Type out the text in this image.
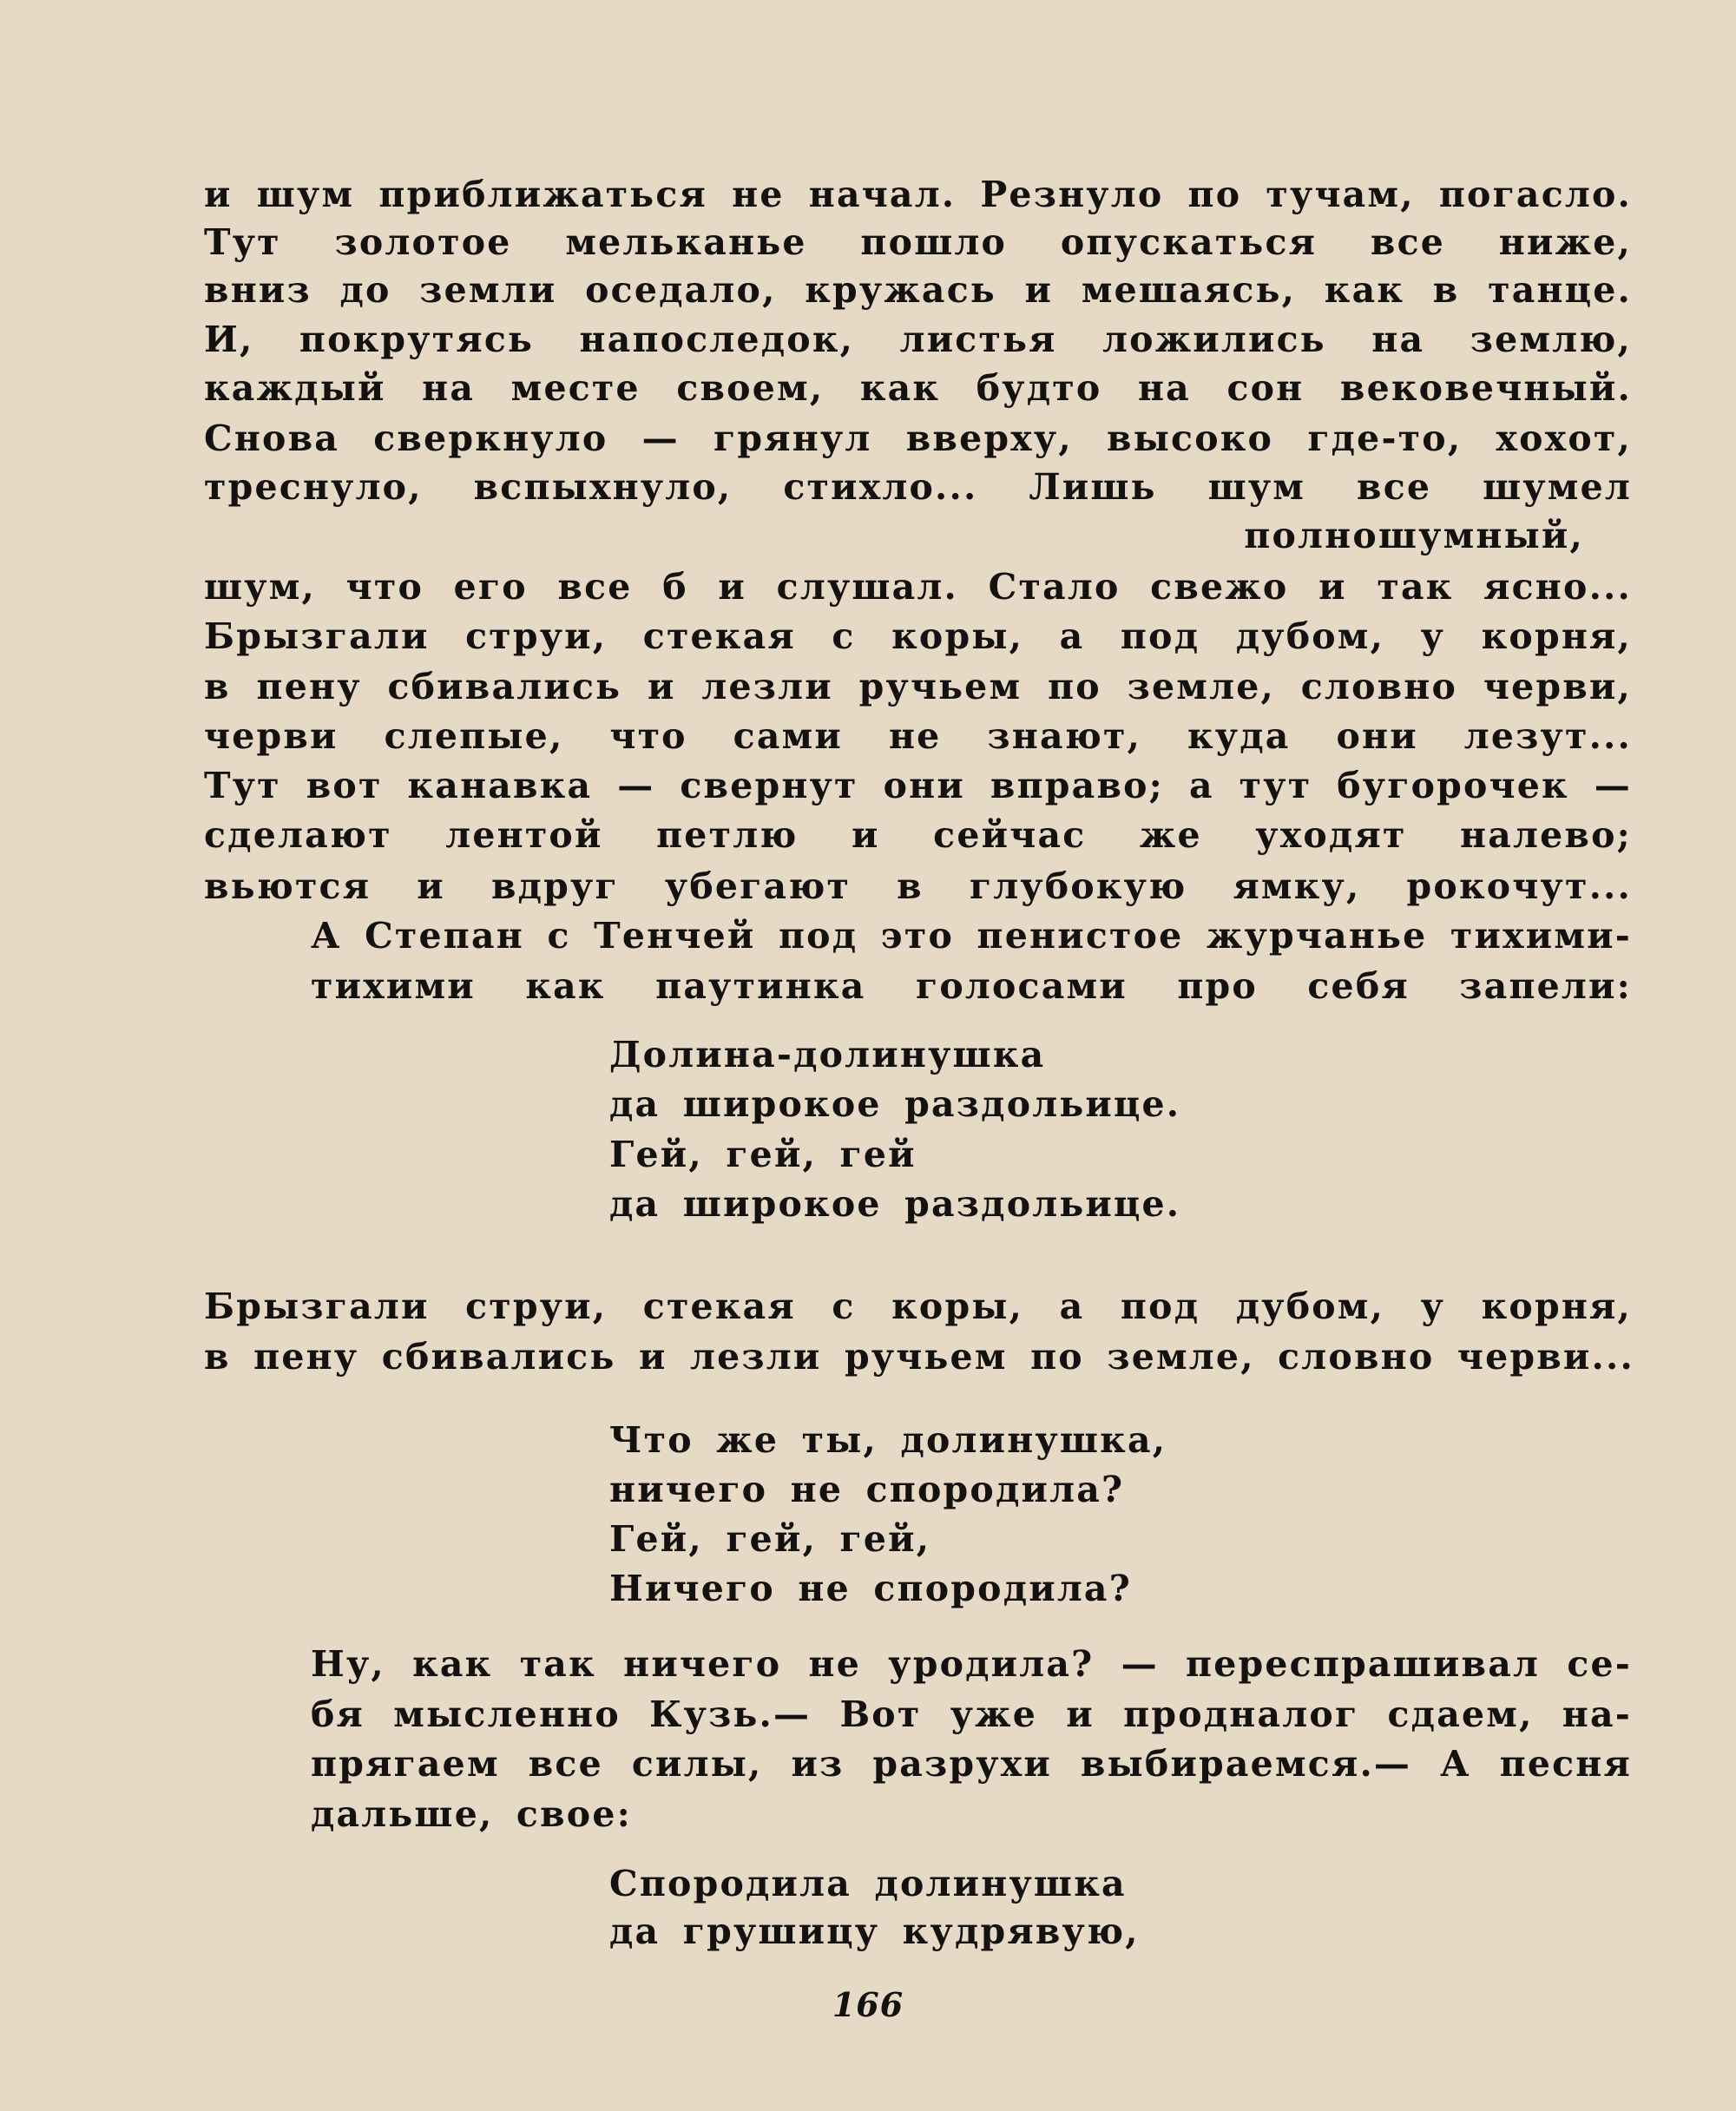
и шум приближаться не начал. Резнуло по тучам, погасло.
Тут золотое мельканье пошло опускаться все ниже,
вниз до земли оседало, кружась и мешаясь, как в танце.
И, покрутясь напоследок, листья ложились на землю,
каждый на месте своем, как будто на сон вековечный.
Снова сверкнуло — грянул вверху, высоко где-то, хохот,
треснуло, вспыхнуло, стихло... Лишь шум все шумел
полношумный,
шум, что его все б и слушал. Стало свежо и так ясно...
Брызгали струи, стекая с коры, а под дубом, у корня,
в пену сбивались и лезли ручьем по земле, словно черви,
черви слепые, что сами не знают, куда они лезут...
Тут вот канавка — свернут они вправо; а тут бугорочек —
сделают лентой петлю и сейчас же уходят налево;
вьются и вдруг убегают в глубокую ямку, рокочут...
А Степан с Тенчей под это пенистое журчанье тихими-
тихими как паутинка голосами про себя запели:
Долина-долинушка
да широкое раздольице.
Гей, гей, гей
да широкое раздольице.
Брызгали струи, стекая с коры, а под дубом, у корня,
в пену сбивались и лезли ручьем по земле, словно черви...
Что же ты, долинушка,
ничего не спородила?
Гей, гей, гей,
Ничего не спородила?
Ну, как так ничего не уродила? — переспрашивал се-
бя мысленно Кузь.— Вот уже и продналог сдаем, на-
прягаем все силы, из разрухи выбираемся.— А песня
дальше, свое:
Спородила долинушка
да грушицу кудрявую,
166
